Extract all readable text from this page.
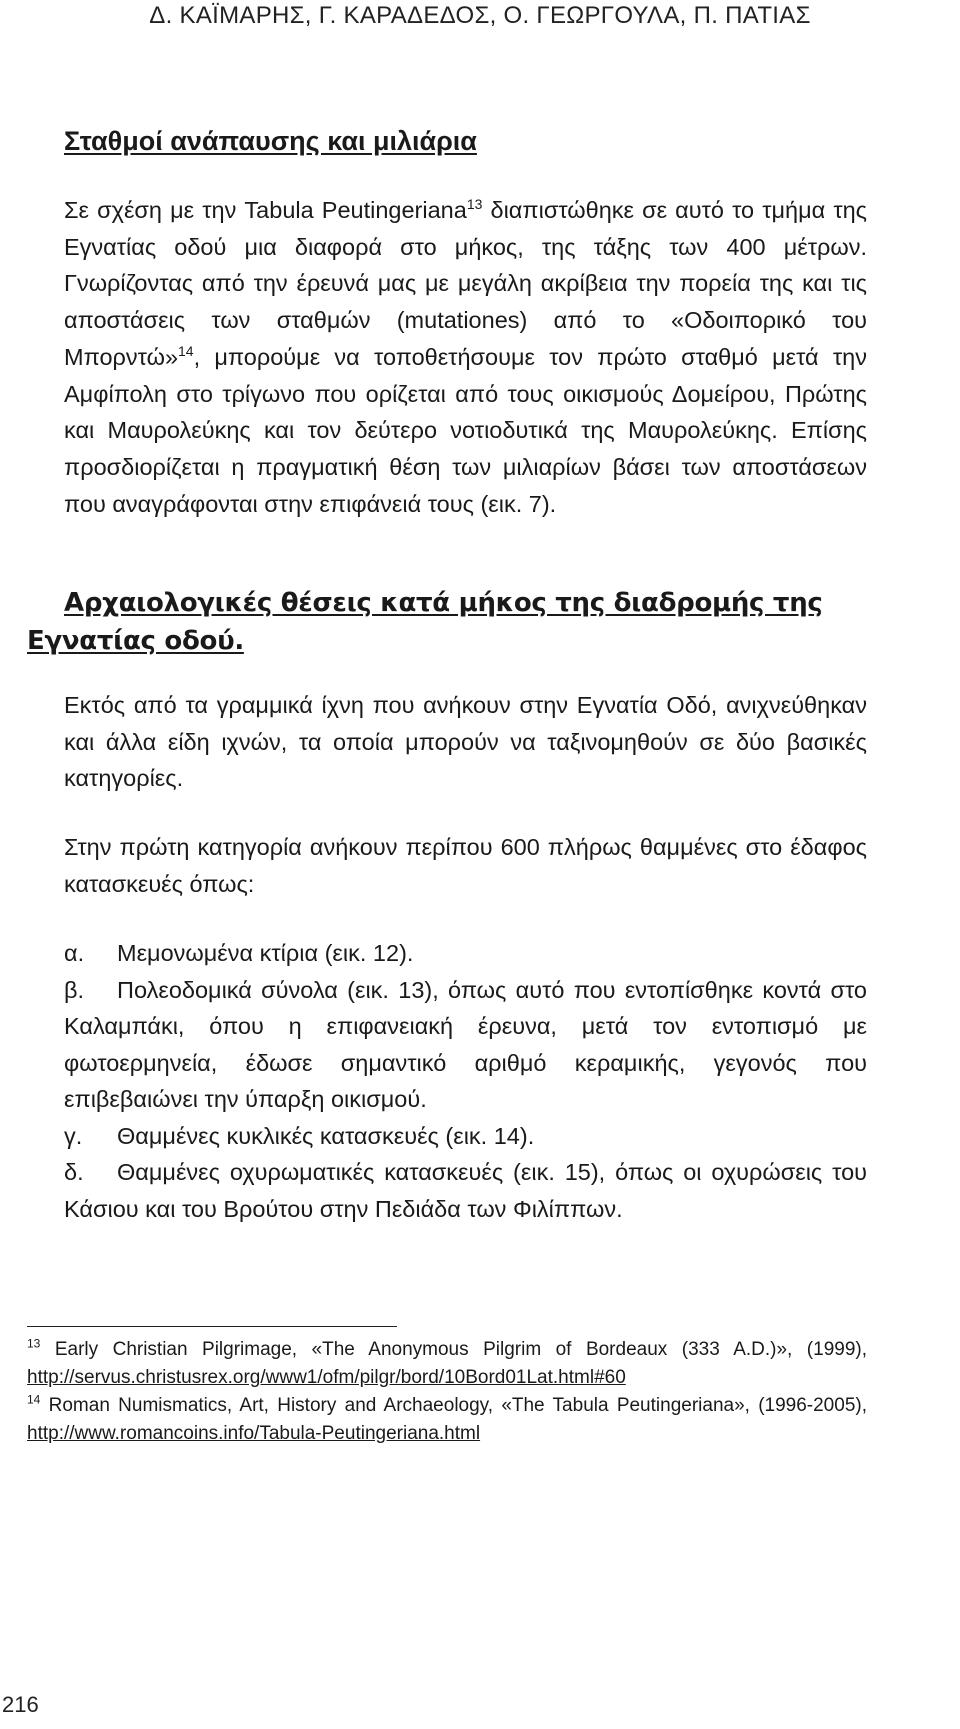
Δ. ΚΑΪΜΑΡΗΣ, Γ. ΚΑΡΑΔΕΔΟΣ, Ο. ΓΕΩΡΓΟΥΛΑ, Π. ΠΑΤΙΑΣ
Σταθμοί ανάπαυσης και μιλιάρια

Σε σχέση με την Tabula Peutingeriana$^{13}$ διαπιστώθηκε σε αυτό το τμήμα της Εγνατίας οδού μια διαφορά στο μήκος, της τάξης των 400 μέτρων. Γνωρίζοντας από την έρευνά μας με μεγάλη ακρίβεια την πορεία της και τις αποστάσεις των σταθμών (mutationes) από το «Οδοιπορικό του Μπορντώ»$^{14}$, μπορούμε να τοποθετήσουμε τον πρώτο σταθμό μετά την Αμφίπολη στο τρίγωνο που ορίζεται από τους οικισμούς Δομείρου, Πρώτης και Μαυρολεύκης και τον δεύτερο νοτιοδυτικά της Μαυρολεύκης. Επίσης προσδιορίζεται η πραγματική θέση των μιλιαρίων βάσει των αποστάσεων που αναγράφονται στην επιφάνειά τους (εικ. 7).

Αρχαιολογικές θέσεις κατά μήκος της διαδρομής της Εγνατίας οδού.

Εκτός από τα γραμμικά ίχνη που ανήκουν στην Εγνατία Οδό, ανιχνεύθηκαν και άλλα είδη ιχνών, τα οποία μπορούν να ταξινομηθούν σε δύο βασικές κατηγορίες.

Στην πρώτη κατηγορία ανήκουν περίπου 600 πλήρως θαμμένες στο έδαφος κατασκευές όπως:

α. Μεμονωμένα κτίρια (εικ. 12).

β. Πολεοδομικά σύνολα (εικ. 13), όπως αυτό που εντοπίσθηκε κοντά στο Καλαμπάκι, όπου η επιφανειακή έρευνα, μετά τον εντοπισμό με φωτοερμηνεία, έδωσε σημαντικό αριθμό κεραμικής, γεγονός που επιβεβαιώνει την ύπαρξη οικισμού.

γ. Θαμμένες κυκλικές κατασκευές (εικ. 14).

δ. Θαμμένες οχυρωματικές κατασκευές (εικ. 15), όπως οι οχυρώσεις του Κάσιου και του Βρούτου στην Πεδιάδα των Φιλίππων.

$^{13}$ Early Christian Pilgrimage, «The Anonymous Pilgrim of Bordeaux (333 A.D.)», (1999), http://servus.christusrex.org/www1/ofm/pilgr/bord/10Bord01Lat.html#60

$^{14}$ Roman Numismatics, Art, History and Archaeology, «The Tabula Peutingeriana», (1996-2005), http://www.romancoins.info/Tabula-Peutingeriana.html

216
